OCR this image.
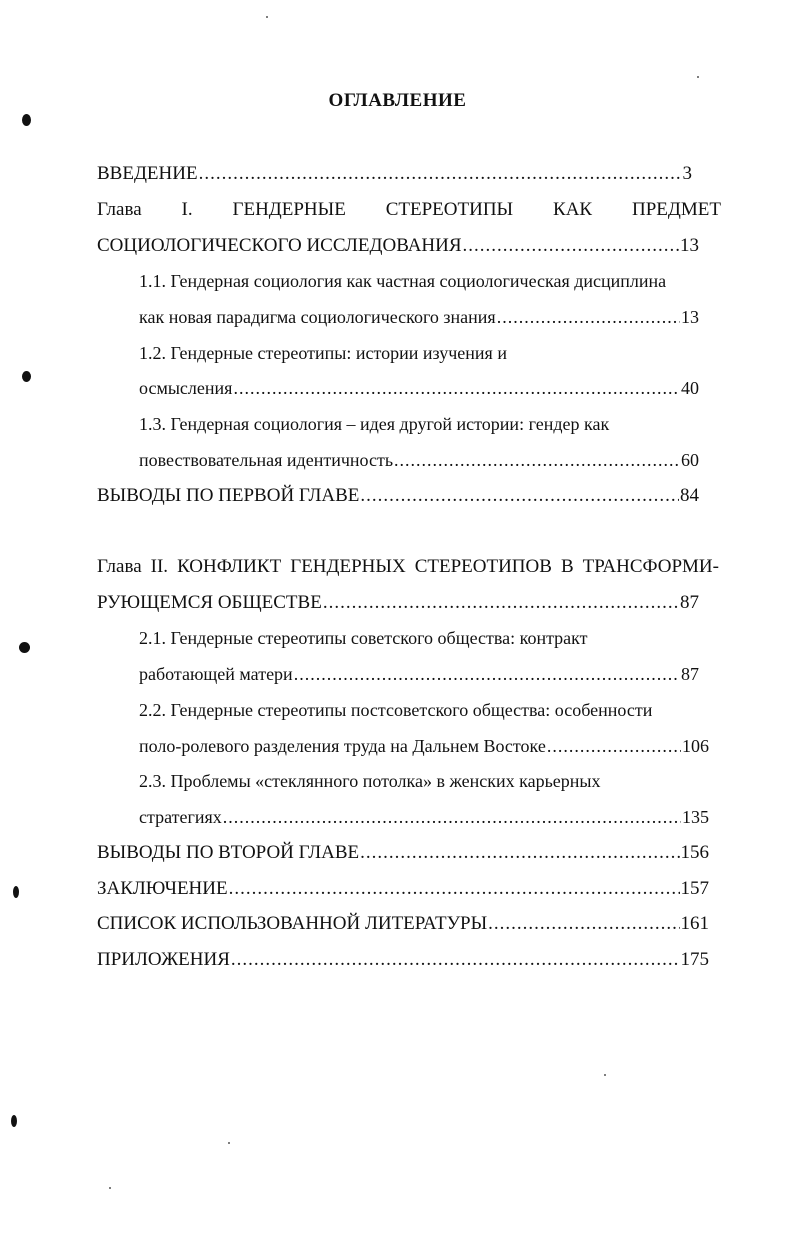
ОГЛАВЛЕНИЕ
ВВЕДЕНИЕ .....	3
Глава I. ГЕНДЕРНЫЕ СТЕРЕОТИПЫ КАК ПРЕДМЕТ
СОЦИОЛОГИЧЕСКОГО ИССЛЕДОВАНИЯ .....	13
1.1. Гендерная социология как частная социологическая дисциплина
как новая парадигма социологического знания .....	13
1.2. Гендерные стереотипы: истории изучения и
осмысления .....	40
1.3. Гендерная социология – идея другой истории: гендер как
повествовательная идентичность .....	60
ВЫВОДЫ ПО ПЕРВОЙ ГЛАВЕ .....	84
Глава II. КОНФЛИКТ ГЕНДЕРНЫХ СТЕРЕОТИПОВ В ТРАНСФОРМИ-
РУЮЩЕМСЯ ОБЩЕСТВЕ .....	87
2.1. Гендерные стереотипы советского общества: контракт
работающей матери .....	87
2.2. Гендерные стереотипы постсоветского общества: особенности
поло-ролевого разделения труда на Дальнем Востоке .....	106
2.3. Проблемы «стеклянного потолка» в женских карьерных
стратегиях .....	135
ВЫВОДЫ ПО ВТОРОЙ ГЛАВЕ .....	156
ЗАКЛЮЧЕНИЕ .....	157
СПИСОК ИСПОЛЬЗОВАННОЙ ЛИТЕРАТУРЫ .....	161
ПРИЛОЖЕНИЯ .....	175
